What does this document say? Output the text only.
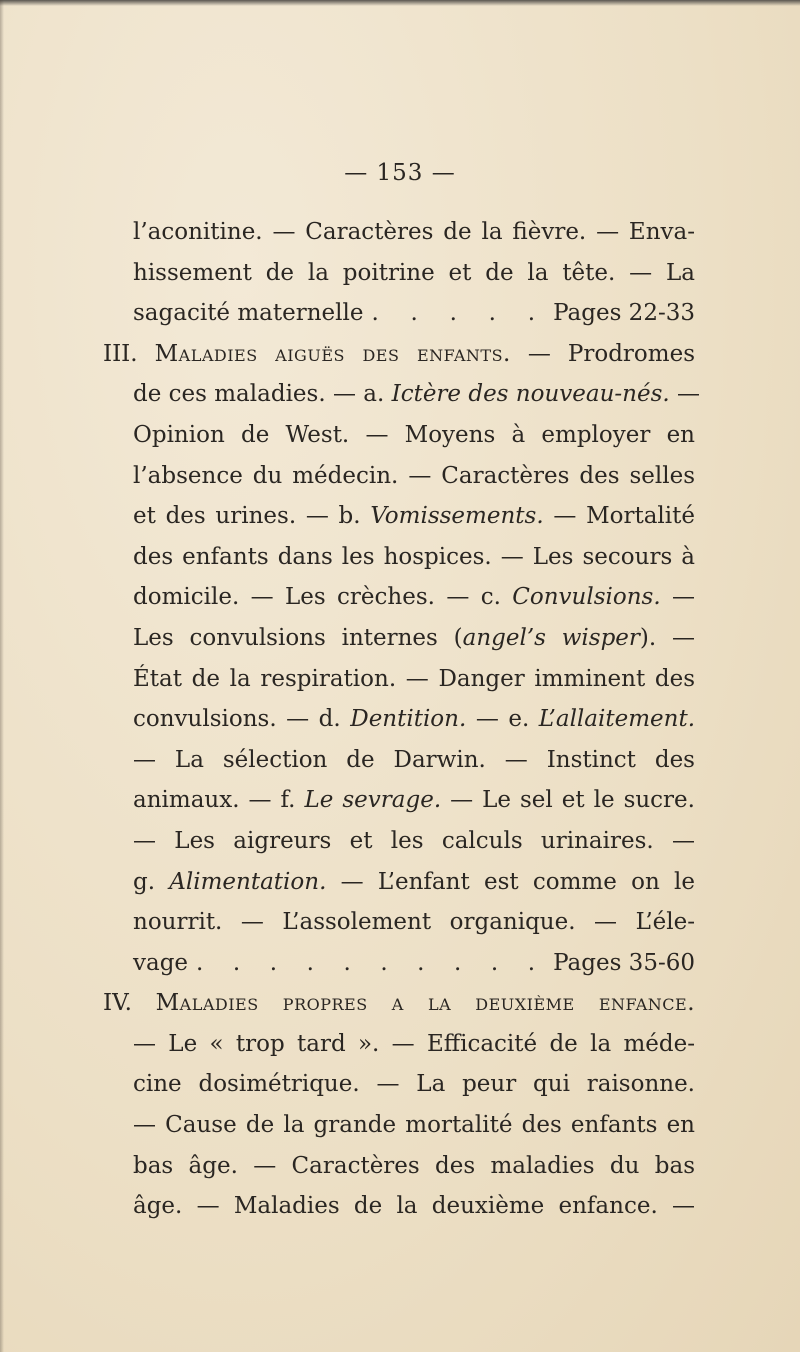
— 153 —
l’aconitine. — Caractères de la fièvre. — Enva-
hissement de la poitrine et de la tête. — La
sagacité maternelle . . . . . Pages 22-33
III. Maladies aiguës des enfants. — Prodromes
de ces maladies. — a. Ictère des nouveau-nés. —
Opinion de West. — Moyens à employer en
l’absence du médecin. — Caractères des selles
et des urines. — b. Vomissements. — Mortalité
des enfants dans les hospices. — Les secours à
domicile. — Les crèches. — c. Convulsions. —
Les convulsions internes (angel’s wisper). —
État de la respiration. — Danger imminent des
convulsions. — d. Dentition. — e. L’allaitement.
— La sélection de Darwin. — Instinct des
animaux. — f. Le sevrage. — Le sel et le sucre.
— Les aigreurs et les calculs urinaires. —
g. Alimentation. — L’enfant est comme on le
nourrit. — L’assolement organique. — L’éle-
vage . . . . . . . . . . Pages 35-60
IV. Maladies propres a la deuxième enfance.
— Le « trop tard ». — Efficacité de la méde-
cine dosimétrique. — La peur qui raisonne.
— Cause de la grande mortalité des enfants en
bas âge. — Caractères des maladies du bas
âge. — Maladies de la deuxième enfance. —
